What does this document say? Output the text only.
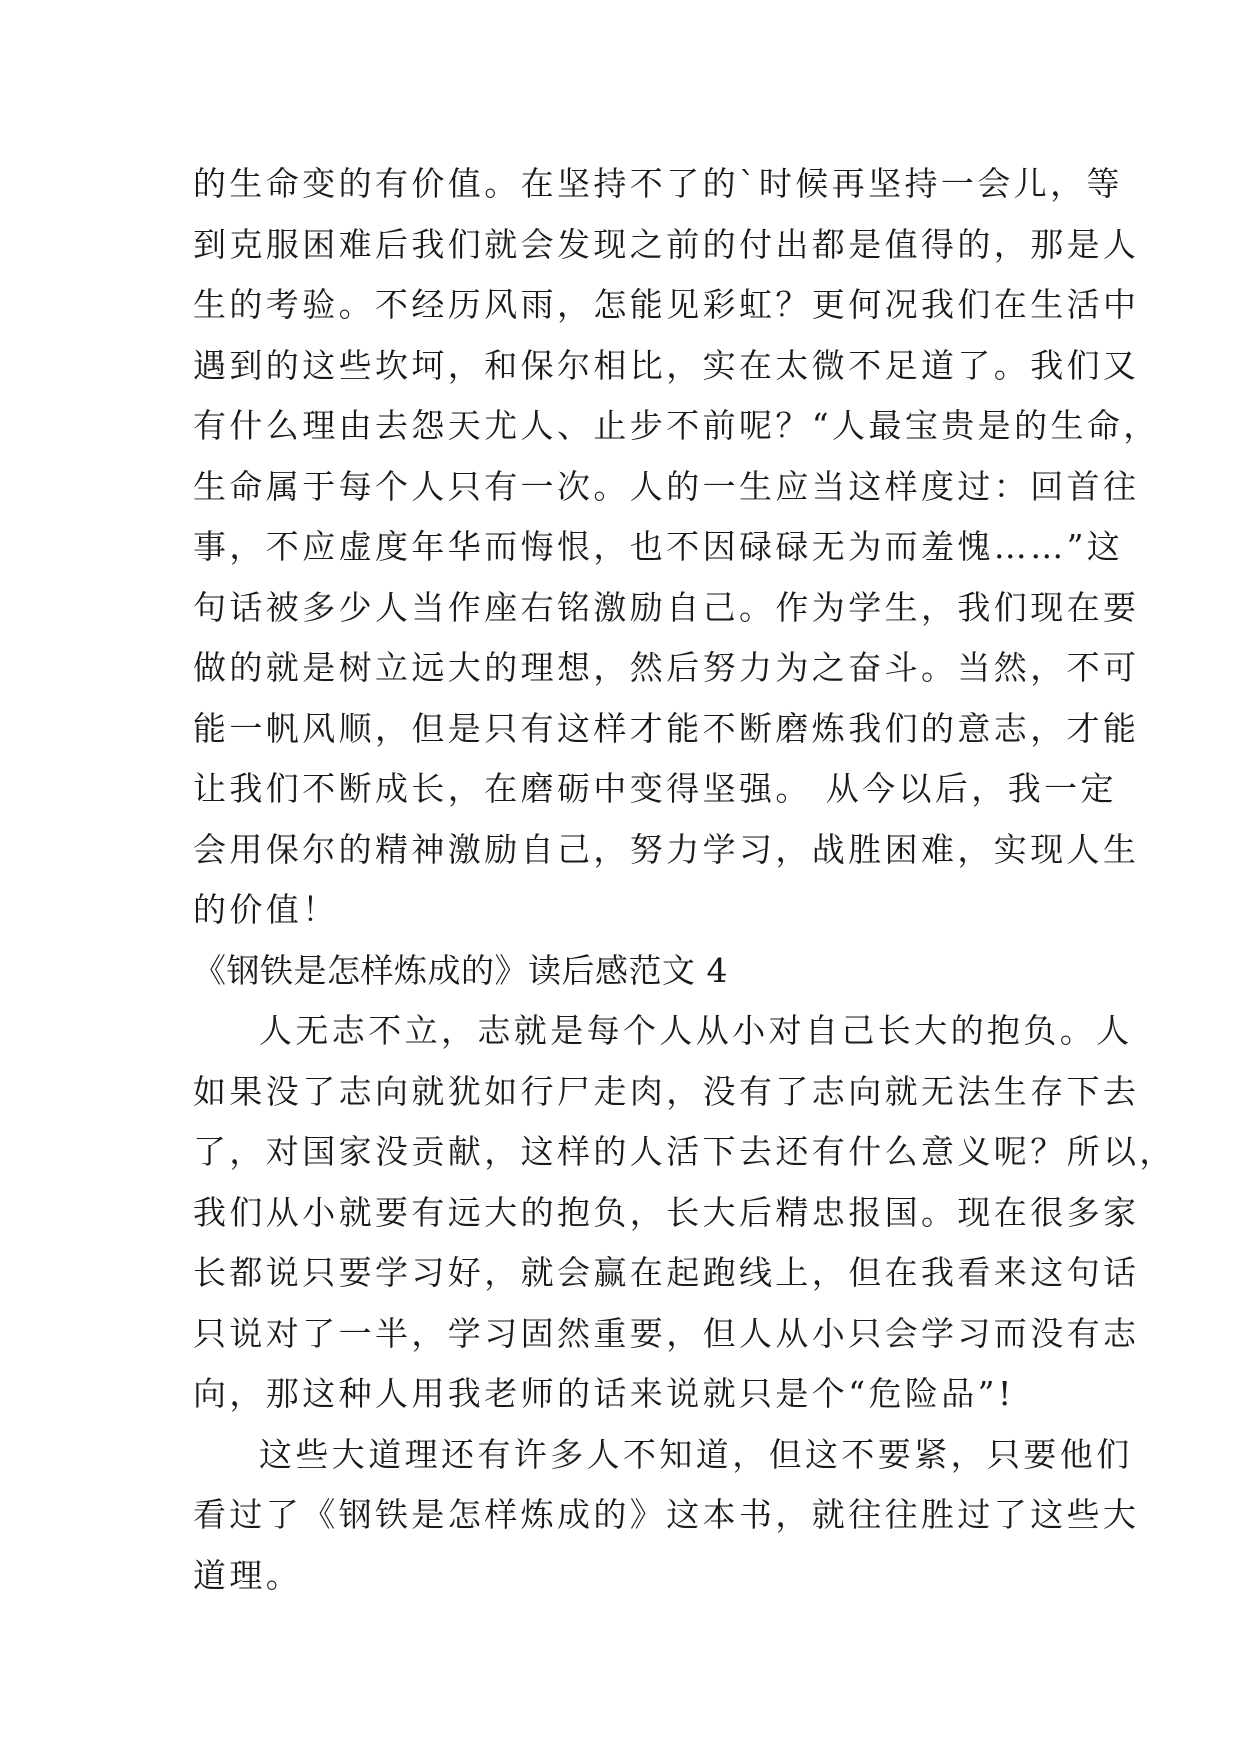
的生命变的有价值。在坚持不了的`时候再坚持一会儿，等
到克服困难后我们就会发现之前的付出都是值得的，那是人
生的考验。不经历风雨，怎能见彩虹？更何况我们在生活中
遇到的这些坎坷，和保尔相比，实在太微不足道了。我们又
有什么理由去怨天尤人、止步不前呢？“人最宝贵是的生命，
生命属于每个人只有一次。人的一生应当这样度过：回首往
事，不应虚度年华而悔恨，也不因碌碌无为而羞愧……”这
句话被多少人当作座右铭激励自己。作为学生，我们现在要
做的就是树立远大的理想，然后努力为之奋斗。当然，不可
能一帆风顺，但是只有这样才能不断磨炼我们的意志，才能
让我们不断成长，在磨砺中变得坚强。 从今以后，我一定
会用保尔的精神激励自己，努力学习，战胜困难，实现人生
的价值！
《钢铁是怎样炼成的》读后感范文 4
人无志不立，志就是每个人从小对自己长大的抱负。人
如果没了志向就犹如行尸走肉，没有了志向就无法生存下去
了，对国家没贡献，这样的人活下去还有什么意义呢？所以，
我们从小就要有远大的抱负，长大后精忠报国。现在很多家
长都说只要学习好，就会赢在起跑线上，但在我看来这句话
只说对了一半，学习固然重要，但人从小只会学习而没有志
向，那这种人用我老师的话来说就只是个“危险品”!
这些大道理还有许多人不知道，但这不要紧，只要他们
看过了《钢铁是怎样炼成的》这本书，就往往胜过了这些大
道理。
